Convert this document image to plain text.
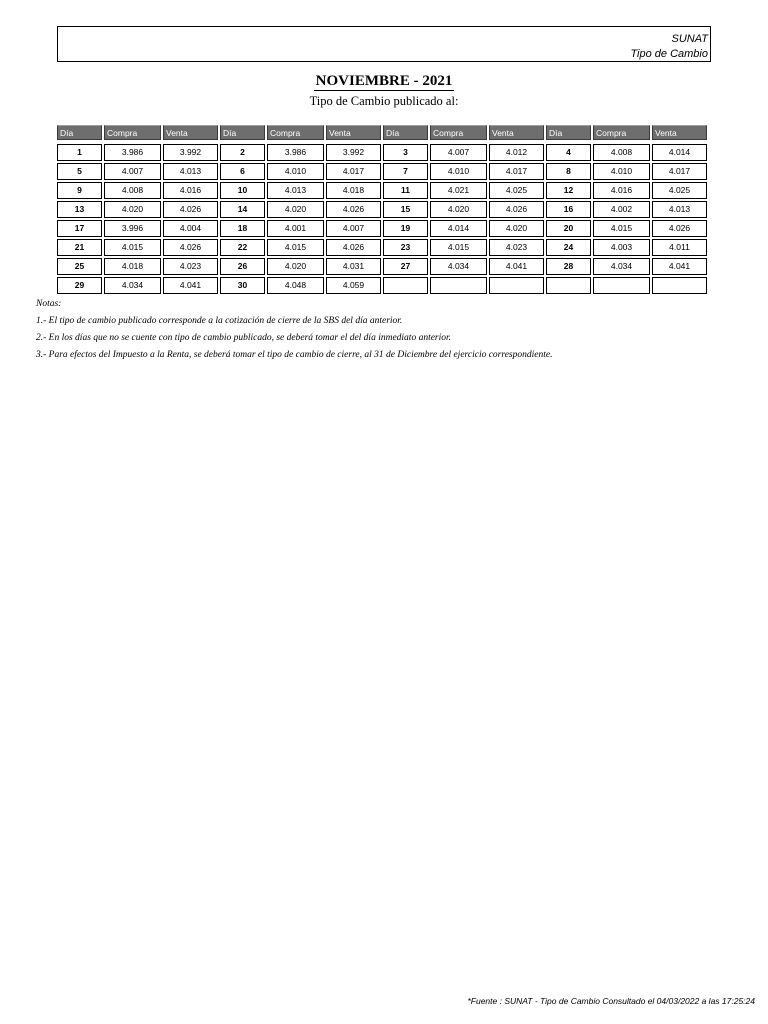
SUNAT
Tipo de Cambio
NOVIEMBRE - 2021
Tipo de Cambio publicado al:
Día	Compra	Venta	Día	Compra	Venta	Día	Compra	Venta	Día	Compra	Venta
1	3.986	3.992	2	3.986	3.992	3	4.007	4.012	4	4.008	4.014
5	4.007	4.013	6	4.010	4.017	7	4.010	4.017	8	4.010	4.017
9	4.008	4.016	10	4.013	4.018	11	4.021	4.025	12	4.016	4.025
13	4.020	4.026	14	4.020	4.026	15	4.020	4.026	16	4.002	4.013
17	3.996	4.004	18	4.001	4.007	19	4.014	4.020	20	4.015	4.026
21	4.015	4.026	22	4.015	4.026	23	4.015	4.023	24	4.003	4.011
25	4.018	4.023	26	4.020	4.031	27	4.034	4.041	28	4.034	4.041
29	4.034	4.041	30	4.048	4.059
Notas:
1.- El tipo de cambio publicado corresponde a la cotización de cierre de la SBS del día anterior.
2.- En los días que no se cuente con tipo de cambio publicado, se deberá tomar el del día inmediato anterior.
3.- Para efectos del Impuesto a la Renta, se deberá tomar el tipo de cambio de cierre, al 31 de Diciembre del ejercicio correspondiente.
*Fuente : SUNAT - Tipo de Cambio Consultado el 04/03/2022 a las 17:25:24
